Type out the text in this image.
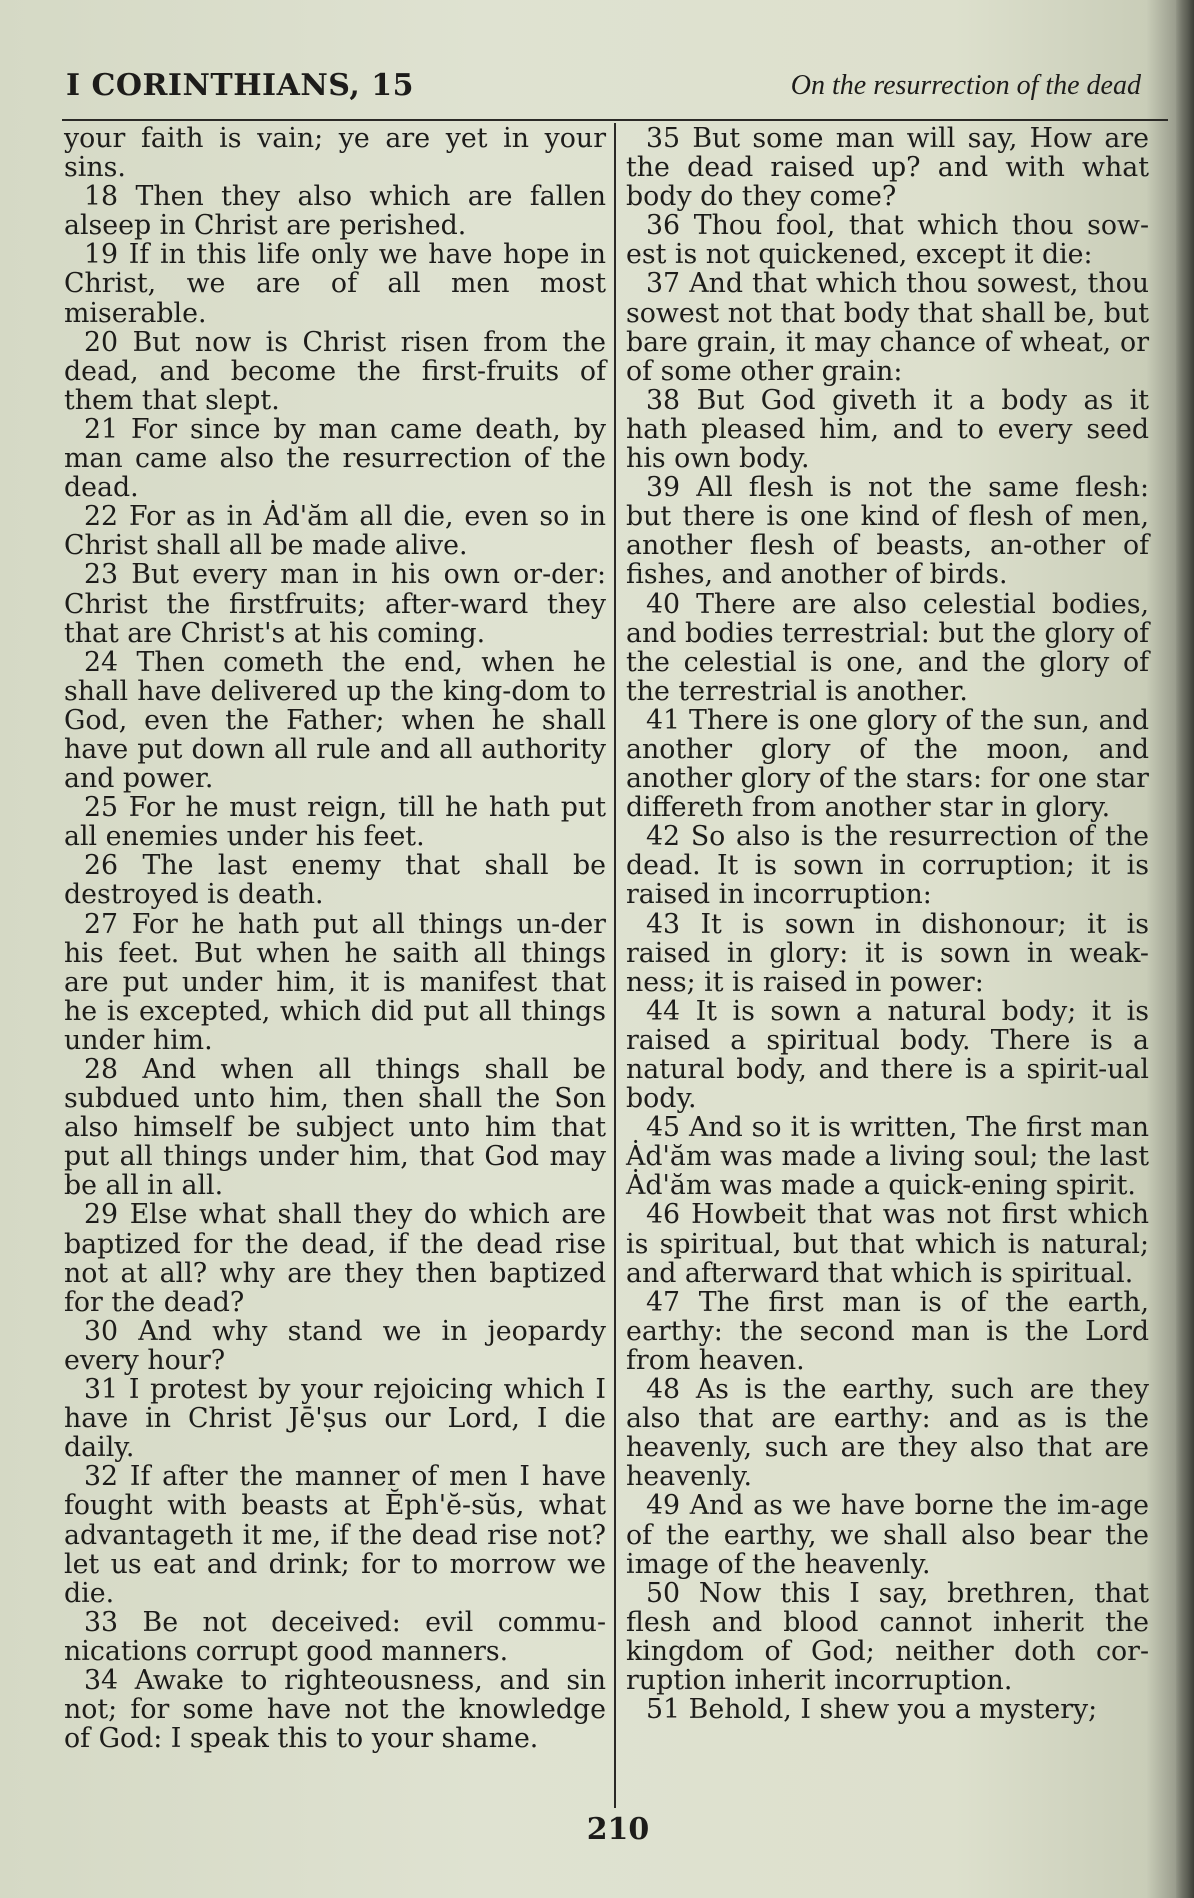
I CORINTHIANS, 15	On the resurrection of the dead

your faith is vain; ye are yet in your sins.

18 Then they also which are fallen alseep in Christ are perished.

19 If in this life only we have hope in Christ, we are of all men most miserable.

20 But now is Christ risen from the dead, and become the first-fruits of them that slept.

21 For since by man came death, by man came also the resurrection of the dead.

22 For as in Ȧd'ăm all die, even so in Christ shall all be made alive.

23 But every man in his own or-der: Christ the firstfruits; after-ward they that are Christ's at his coming.

24 Then cometh the end, when he shall have delivered up the king-dom to God, even the Father; when he shall have put down all rule and all authority and power.

25 For he must reign, till he hath put all enemies under his feet.

26 The last enemy that shall be destroyed is death.

27 For he hath put all things un-der his feet. But when he saith all things are put under him, it is manifest that he is excepted, which did put all things under him.

28 And when all things shall be subdued unto him, then shall the Son also himself be subject unto him that put all things under him, that God may be all in all.

29 Else what shall they do which are baptized for the dead, if the dead rise not at all? why are they then baptized for the dead?

30 And why stand we in jeopardy every hour?

31 I protest by your rejoicing which I have in Christ Jē'ṣus our Lord, I die daily.

32 If after the manner of men I have fought with beasts at Ĕph'ĕ-sŭs, what advantageth it me, if the dead rise not? let us eat and drink; for to morrow we die.

33 Be not deceived: evil commu-nications corrupt good manners.

34 Awake to righteousness, and sin not; for some have not the knowledge of God: I speak this to your shame.

35 But some man will say, How are the dead raised up? and with what body do they come?

36 Thou fool, that which thou sow-est is not quickened, except it die:

37 And that which thou sowest, thou sowest not that body that shall be, but bare grain, it may chance of wheat, or of some other grain:

38 But God giveth it a body as it hath pleased him, and to every seed his own body.

39 All flesh is not the same flesh: but there is one kind of flesh of men, another flesh of beasts, an-other of fishes, and another of birds.

40 There are also celestial bodies, and bodies terrestrial: but the glory of the celestial is one, and the glory of the terrestrial is another.

41 There is one glory of the sun, and another glory of the moon, and another glory of the stars: for one star differeth from another star in glory.

42 So also is the resurrection of the dead. It is sown in corruption; it is raised in incorruption:

43 It is sown in dishonour; it is raised in glory: it is sown in weak-ness; it is raised in power:

44 It is sown a natural body; it is raised a spiritual body. There is a natural body, and there is a spirit-ual body.

45 And so it is written, The first man Ȧd'ăm was made a living soul; the last Ȧd'ăm was made a quick-ening spirit.

46 Howbeit that was not first which is spiritual, but that which is natural; and afterward that which is spiritual.

47 The first man is of the earth, earthy: the second man is the Lord from heaven.

48 As is the earthy, such are they also that are earthy: and as is the heavenly, such are they also that are heavenly.

49 And as we have borne the im-age of the earthy, we shall also bear the image of the heavenly.

50 Now this I say, brethren, that flesh and blood cannot inherit the kingdom of God; neither doth cor-ruption inherit incorruption.

51 Behold, I shew you a mystery;

210
